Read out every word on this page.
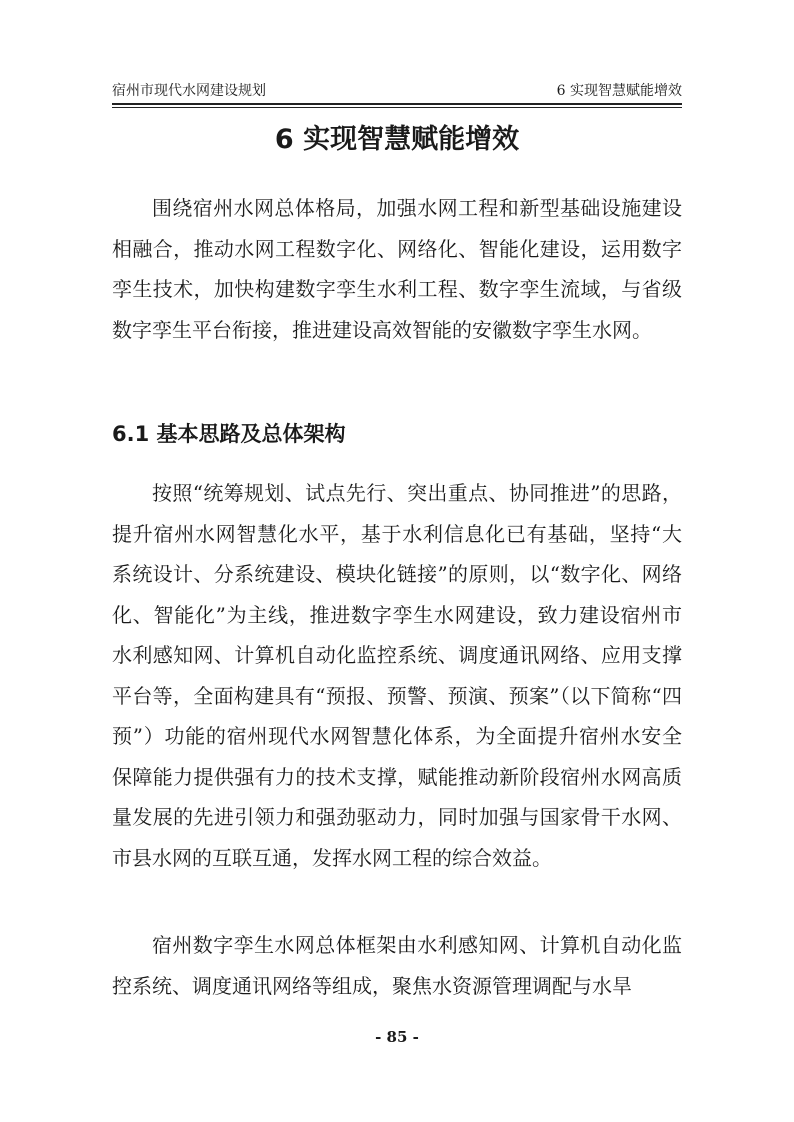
宿州市现代水网建设规划	6 实现智慧赋能增效
6 实现智慧赋能增效

围绕宿州水网总体格局，加强水网工程和新型基础设施建设相融合，推动水网工程数字化、网络化、智能化建设，运用数字孪生技术，加快构建数字孪生水利工程、数字孪生流域，与省级数字孪生平台衔接，推进建设高效智能的安徽数字孪生水网。

6.1 基本思路及总体架构

按照“统筹规划、试点先行、突出重点、协同推进”的思路，提升宿州水网智慧化水平，基于水利信息化已有基础，坚持“大系统设计、分系统建设、模块化链接”的原则，以“数字化、网络化、智能化”为主线，推进数字孪生水网建设，致力建设宿州市水利感知网、计算机自动化监控系统、调度通讯网络、应用支撑平台等，全面构建具有“预报、预警、预演、预案”（以下简称“四预”）功能的宿州现代水网智慧化体系，为全面提升宿州水安全保障能力提供强有力的技术支撑，赋能推动新阶段宿州水网高质量发展的先进引领力和强劲驱动力，同时加强与国家骨干水网、市县水网的互联互通，发挥水网工程的综合效益。

宿州数字孪生水网总体框架由水利感知网、计算机自动化监控系统、调度通讯网络等组成，聚焦水资源管理调配与水旱

- 85 -
